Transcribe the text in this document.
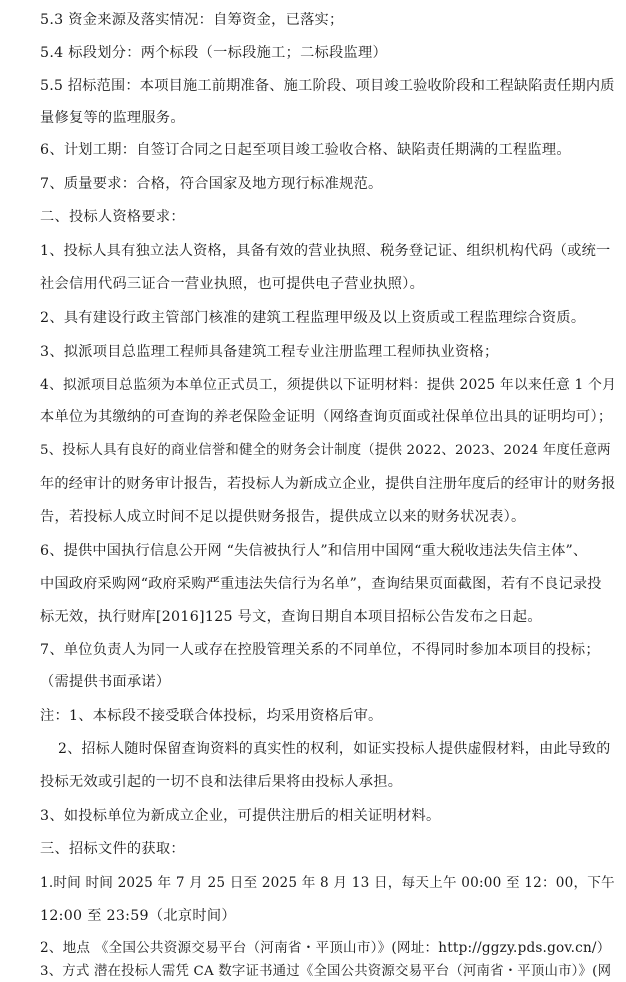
5.3 资金来源及落实情况：自筹资金，已落实；
5.4 标段划分：两个标段（一标段施工；二标段监理）
5.5 招标范围：本项目施工前期准备、施工阶段、项目竣工验收阶段和工程缺陷责任期内质
量修复等的监理服务。
6、计划工期：自签订合同之日起至项目竣工验收合格、缺陷责任期满的工程监理。
7、质量要求：合格，符合国家及地方现行标准规范。
二、投标人资格要求：
1、投标人具有独立法人资格，具备有效的营业执照、税务登记证、组织机构代码（或统一
社会信用代码三证合一营业执照，也可提供电子营业执照）。
2、具有建设行政主管部门核准的建筑工程监理甲级及以上资质或工程监理综合资质。
3、拟派项目总监理工程师具备建筑工程专业注册监理工程师执业资格；
4、拟派项目总监须为本单位正式员工，须提供以下证明材料：提供 2025 年以来任意 1 个月
本单位为其缴纳的可查询的养老保险金证明（网络查询页面或社保单位出具的证明均可）；
5、投标人具有良好的商业信誉和健全的财务会计制度（提供 2022、2023、2024 年度任意两
年的经审计的财务审计报告，若投标人为新成立企业，提供自注册年度后的经审计的财务报
告，若投标人成立时间不足以提供财务报告，提供成立以来的财务状况表）。
6、提供中国执行信息公开网 “失信被执行人”和信用中国网“重大税收违法失信主体”、
中国政府采购网“政府采购严重违法失信行为名单”，查询结果页面截图，若有不良记录投
标无效，执行财库[2016]125 号文，查询日期自本项目招标公告发布之日起。
7、单位负责人为同一人或存在控股管理关系的不同单位，不得同时参加本项目的投标；
（需提供书面承诺）
注：1、本标段不接受联合体投标，均采用资格后审。
2、招标人随时保留查询资料的真实性的权利，如证实投标人提供虚假材料，由此导致的
投标无效或引起的一切不良和法律后果将由投标人承担。
3、如投标单位为新成立企业，可提供注册后的相关证明材料。
三、招标文件的获取：
1.时间 时间 2025 年 7 月 25 日至 2025 年 8 月 13 日，每天上午 00:00 至 12：00，下午
12:00 至 23:59（北京时间）
2、地点 《全国公共资源交易平台（河南省・平顶山市）》(网址：http://ggzy.pds.gov.cn/）
3、方式 潜在投标人需凭 CA 数字证书通过《全国公共资源交易平台（河南省・平顶山市）》(网
